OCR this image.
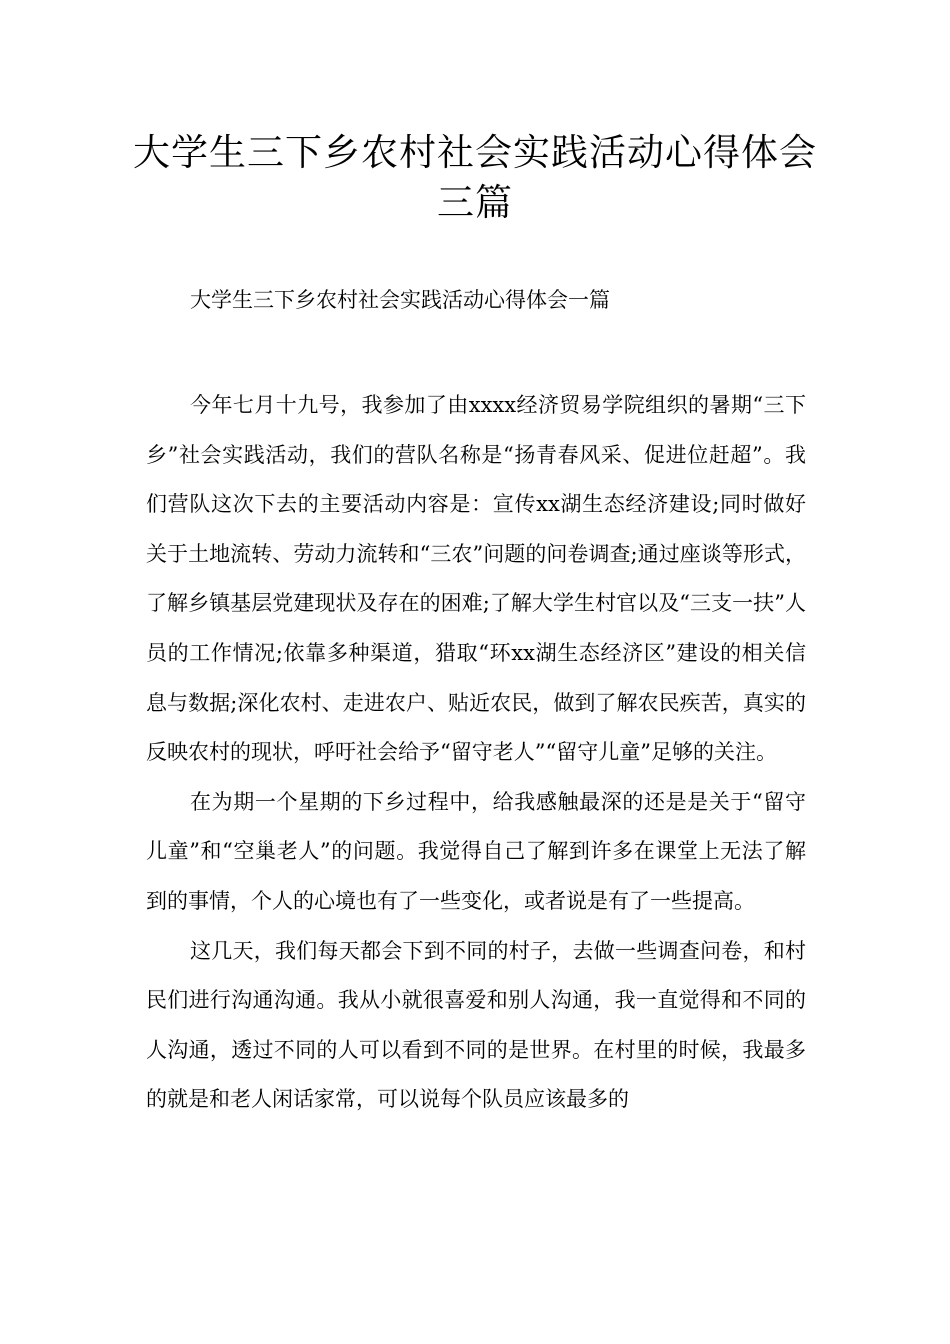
大学生三下乡农村社会实践活动心得体会三篇

大学生三下乡农村社会实践活动心得体会一篇

今年七月十九号，我参加了由xxxx经济贸易学院组织的暑期“三下乡”社会实践活动，我们的营队名称是“扬青春风采、促进位赶超”。我们营队这次下去的主要活动内容是：宣传xx湖生态经济建设;同时做好关于土地流转、劳动力流转和“三农”问题的问卷调查;通过座谈等形式，了解乡镇基层党建现状及存在的困难;了解大学生村官以及“三支一扶”人员的工作情况;依靠多种渠道，猎取“环xx湖生态经济区”建设的相关信息与数据;深化农村、走进农户、贴近农民，做到了解农民疾苦，真实的反映农村的现状，呼吁社会给予“留守老人”“留守儿童”足够的关注。

在为期一个星期的下乡过程中，给我感触最深的还是是关于“留守儿童”和“空巢老人”的问题。我觉得自己了解到许多在课堂上无法了解到的事情，个人的心境也有了一些变化，或者说是有了一些提高。

这几天，我们每天都会下到不同的村子，去做一些调查问卷，和村民们进行沟通沟通。我从小就很喜爱和别人沟通，我一直觉得和不同的人沟通，透过不同的人可以看到不同的是世界。在村里的时候，我最多的就是和老人闲话家常，可以说每个队员应该最多的
